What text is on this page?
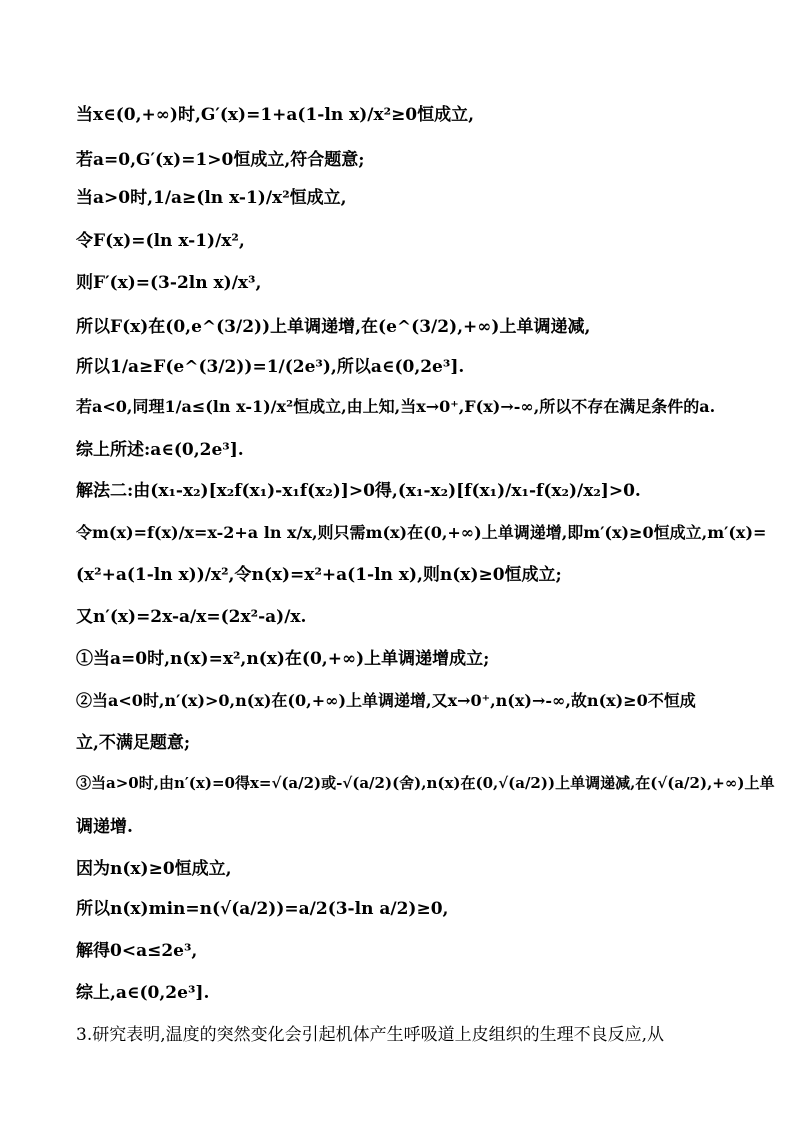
当x∈(0,+∞)时,G′(x)=1+a(1-ln x)/x²≥0恒成立,
若a=0,G′(x)=1>0恒成立,符合题意;
当a>0时,1/a≥(ln x-1)/x²恒成立,
令F(x)=(ln x-1)/x²,
则F′(x)=(3-2ln x)/x³,
所以F(x)在(0,e^(3/2))上单调递增,在(e^(3/2),+∞)上单调递减,
所以1/a≥F(e^(3/2))=1/(2e³),所以a∈(0,2e³].
若a<0,同理1/a≤(ln x-1)/x²恒成立,由上知,当x→0⁺,F(x)→-∞,所以不存在满足条件的a.
综上所述:a∈(0,2e³].
解法二:由(x₁-x₂)[x₂f(x₁)-x₁f(x₂)]>0得,(x₁-x₂)[f(x₁)/x₁-f(x₂)/x₂]>0.
令m(x)=f(x)/x=x-2+a ln x/x,则只需m(x)在(0,+∞)上单调递增,即m′(x)≥0恒成立,m′(x)=
(x²+a(1-ln x))/x²,令n(x)=x²+a(1-ln x),则n(x)≥0恒成立;
又n′(x)=2x-a/x=(2x²-a)/x.
①当a=0时,n(x)=x²,n(x)在(0,+∞)上单调递增成立;
②当a<0时,n′(x)>0,n(x)在(0,+∞)上单调递增,又x→0⁺,n(x)→-∞,故n(x)≥0不恒成
立,不满足题意;
③当a>0时,由n′(x)=0得x=√(a/2)或-√(a/2)(舍),n(x)在(0,√(a/2))上单调递减,在(√(a/2),+∞)上单
调递增.
因为n(x)≥0恒成立,
所以n(x)min=n(√(a/2))=a/2(3-ln a/2)≥0,
解得0<a≤2e³,
综上,a∈(0,2e³].
3.研究表明,温度的突然变化会引起机体产生呼吸道上皮组织的生理不良反应,从
